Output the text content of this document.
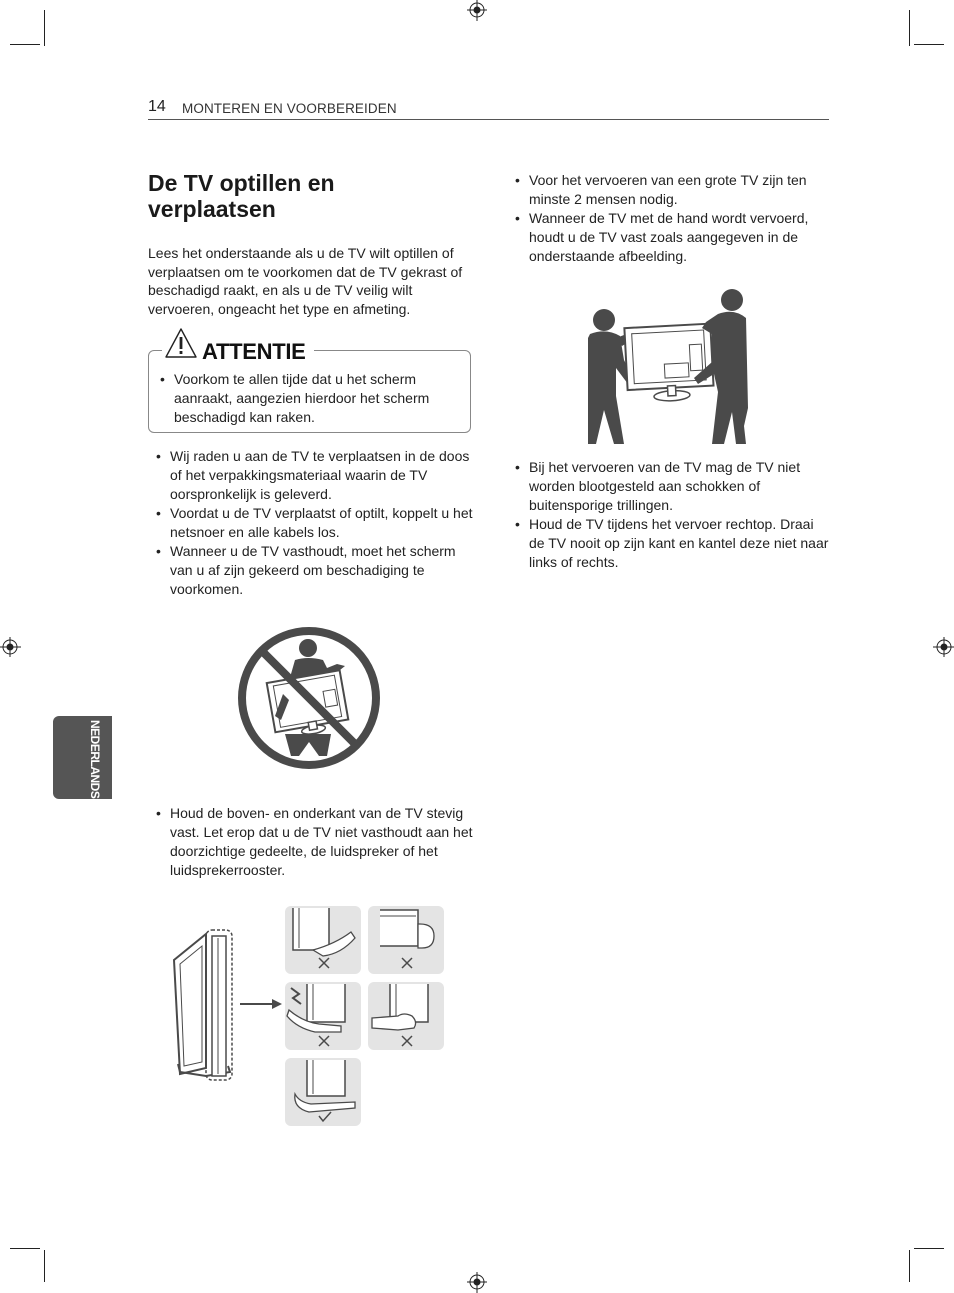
14 MONTEREN EN VOORBEREIDEN
De TV optillen en verplaatsen
Lees het onderstaande als u de TV wilt optillen of verplaatsen om te voorkomen dat de TV gekrast of beschadigd raakt, en als u de TV veilig wilt vervoeren, ongeacht het type en afmeting.
ATTENTIE
• Voorkom te allen tijde dat u het scherm aanraakt, aangezien hierdoor het scherm beschadigd kan raken.
• Wij raden u aan de TV te verplaatsen in de doos of het verpakkingsmateriaal waarin de TV oorspronkelijk is geleverd.
• Voordat u de TV verplaatst of optilt, koppelt u het netsnoer en alle kabels los.
• Wanneer u de TV vasthoudt, moet het scherm van u af zijn gekeerd om beschadiging te voorkomen.
• Houd de boven- en onderkant van de TV stevig vast. Let erop dat u de TV niet vasthoudt aan het doorzichtige gedeelte, de luidspreker of het luidsprekerrooster.
• Voor het vervoeren van een grote TV zijn ten minste 2 mensen nodig.
• Wanneer de TV met de hand wordt vervoerd, houdt u de TV vast zoals aangegeven in de onderstaande afbeelding.
• Bij het vervoeren van de TV mag de TV niet worden blootgesteld aan schokken of buitensporige trillingen.
• Houd de TV tijdens het vervoer rechtop. Draai de TV nooit op zijn kant en kantel deze niet naar links of rechts.
NEDERLANDS
